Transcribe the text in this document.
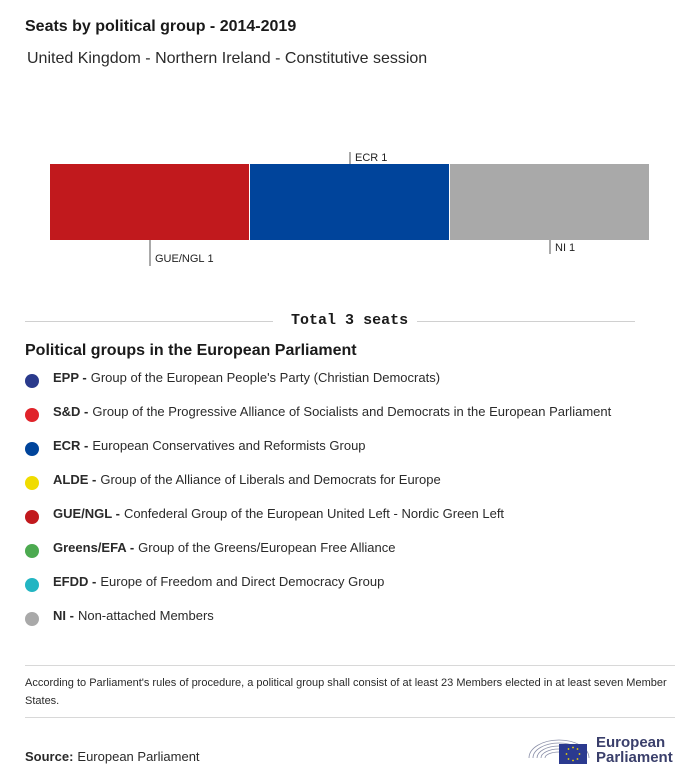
Seats by political group - 2014-2019
United Kingdom - Northern Ireland - Constitutive session
GUE/NGL 1
ECR 1
NI 1
Total 3 seats
Political groups in the European Parliament
EPP - Group of the European People's Party (Christian Democrats)
S&D - Group of the Progressive Alliance of Socialists and Democrats in the European Parliament
ECR - European Conservatives and Reformists Group
ALDE - Group of the Alliance of Liberals and Democrats for Europe
GUE/NGL - Confederal Group of the European United Left - Nordic Green Left
Greens/EFA - Group of the Greens/European Free Alliance
EFDD - Europe of Freedom and Direct Democracy Group
NI - Non-attached Members
According to Parliament's rules of procedure, a political group shall consist of at least 23 Members elected in at least seven Member States.
Source: European Parliament
European
Parliament
